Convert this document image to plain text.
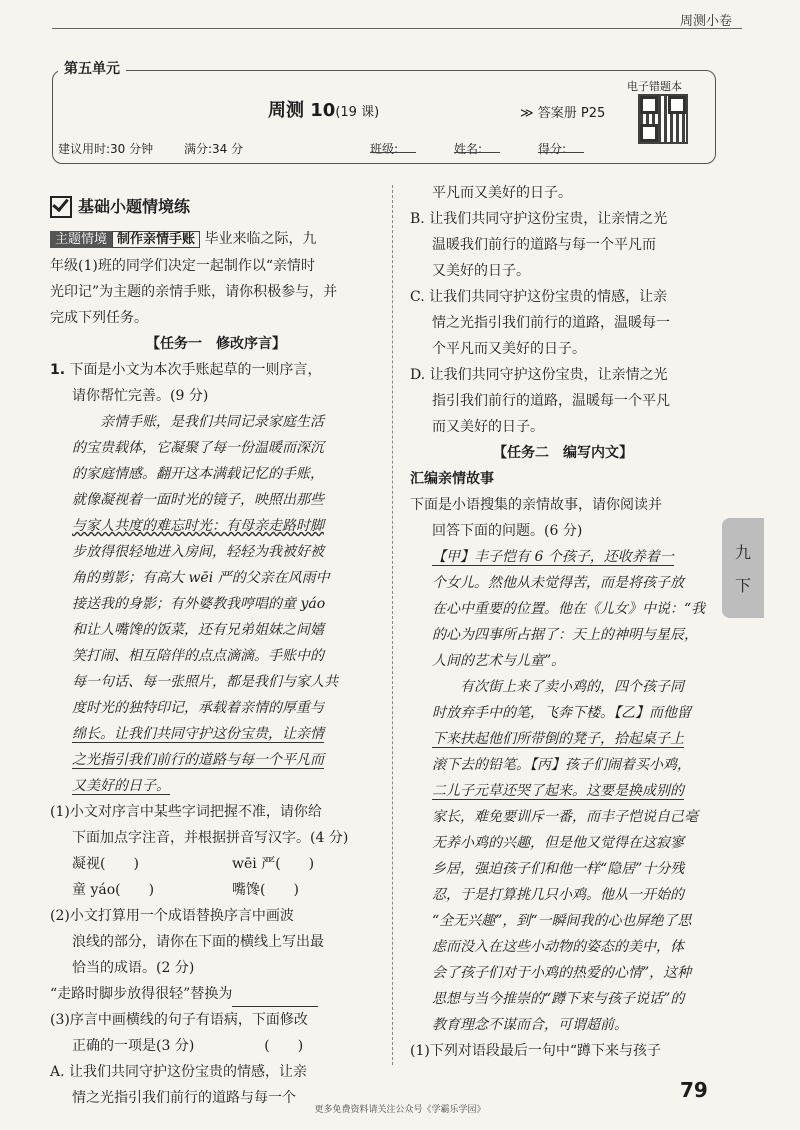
周测小卷
第五单元
周测 10(19 课)	≫ 答案册 P25
电子错题本
建议用时:30 分钟	满分:34 分	班级:	姓名:	得分:
基础小题情境练

主题情境 制作亲情手账 毕业来临之际，九

年级(1)班的同学们决定一起制作以“亲情时

光印记”为主题的亲情手账，请你积极参与，并

完成下列任务。

【任务一　修改序言】

1. 下面是小文为本次手账起草的一则序言，

请你帮忙完善。(9 分)

亲情手账，是我们共同记录家庭生活

的宝贵载体，它凝聚了每一份温暖而深沉

的家庭情感。翻开这本满载记忆的手账，

就像凝视着一面时光的镜子，映照出那些

与家人共度的难忘时光：有母亲走路时脚

步放得很轻地进入房间，轻轻为我被好被

角的剪影；有高大 wēi 严的父亲在风雨中

接送我的身影；有外婆教我哼唱的童 yáo

和让人嘴馋的饭菜，还有兄弟姐妹之间嬉

笑打闹、相互陪伴的点点滴滴。手账中的

每一句话、每一张照片，都是我们与家人共

度时光的独特印记，承载着亲情的厚重与

绵长。让我们共同守护这份宝贵，让亲情

之光指引我们前行的道路与每一个平凡而

又美好的日子。

(1)小文对序言中某些字词把握不准，请你给

下面加点字注音，并根据拼音写汉字。(4 分)

凝视(　　)	wēi 严(　　)
童 yáo(　　)	嘴馋(　　)

(2)小文打算用一个成语替换序言中画波

浪线的部分，请你在下面的横线上写出最

恰当的成语。(2 分)

“走路时脚步放得很轻”替换为

(3)序言中画横线的句子有语病，下面修改

正确的一项是(3 分)	(　　)

A. 让我们共同守护这份宝贵的情感，让亲

情之光指引我们前行的道路与每一个

平凡而又美好的日子。

B. 让我们共同守护这份宝贵，让亲情之光

温暖我们前行的道路与每一个平凡而

又美好的日子。

C. 让我们共同守护这份宝贵的情感，让亲

情之光指引我们前行的道路，温暖每一

个平凡而又美好的日子。

D. 让我们共同守护这份宝贵，让亲情之光

指引我们前行的道路，温暖每一个平凡

而又美好的日子。

【任务二　编写内文】

汇编亲情故事

下面是小语搜集的亲情故事，请你阅读并

回答下面的问题。(6 分)

【甲】丰子恺有 6 个孩子，还收养着一

个女儿。然他从未觉得苦，而是将孩子放

在心中重要的位置。他在《儿女》中说：“我

的心为四事所占据了：天上的神明与星辰，

人间的艺术与儿童”。

有次街上来了卖小鸡的，四个孩子同

时放弃手中的笔，飞奔下楼。【乙】而他留

下来扶起他们所带倒的凳子，拾起桌子上

滚下去的铅笔。【丙】孩子们闹着买小鸡，

二儿子元草还哭了起来。这要是换成别的

家长，难免要训斥一番，而丰子恺说自己毫

无养小鸡的兴趣，但是他又觉得在这寂寥

乡居，强迫孩子们和他一样“隐居”十分残

忍，于是打算挑几只小鸡。他从一开始的

“全无兴趣”，到“一瞬间我的心也屏绝了思

虑而没入在这些小动物的姿态的美中，体

会了孩子们对于小鸡的热爱的心情”，这种

思想与当今推崇的“蹲下来与孩子说话”的

教育理念不谋而合，可谓超前。

(1)下列对语段最后一句中“蹲下来与孩子

九
下
79
更多免费资料请关注公众号《学霸乐学园》
